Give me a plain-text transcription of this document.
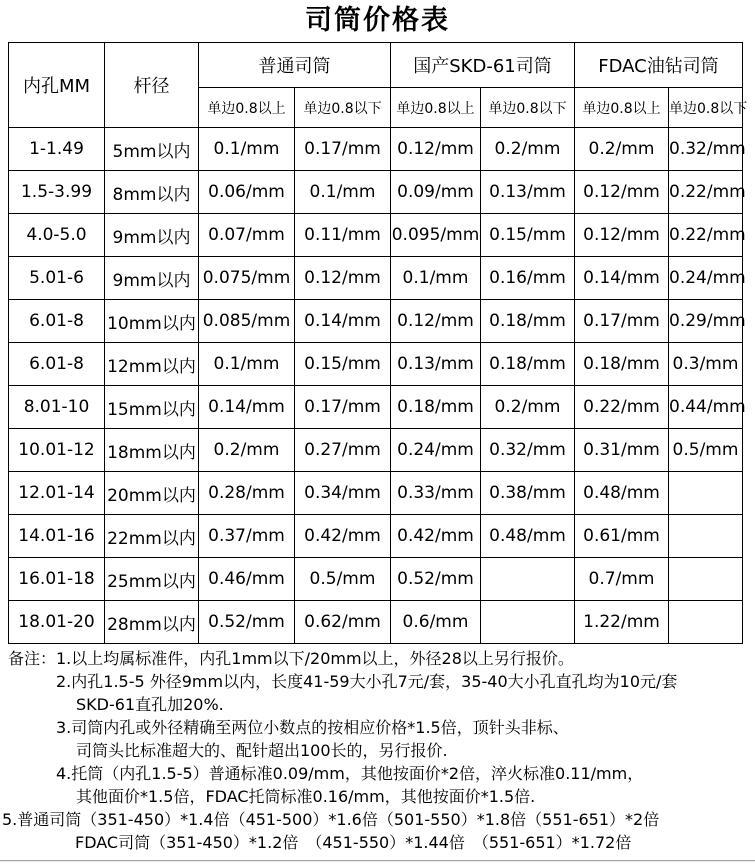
司筒价格表
内孔MM	杆径	普通司筒		国产SKD-61司筒		FDAC油钻司筒	
		单边0.8以上	单边0.8以下	单边0.8以上	单边0.8以下	单边0.8以上	单边0.8以下
1-1.49	5mm以内	0.1/mm	0.17/mm	0.12/mm	0.2/mm	0.2/mm	0.32/mm
1.5-3.99	8mm以内	0.06/mm	0.1/mm	0.09/mm	0.13/mm	0.12/mm	0.22/mm
4.0-5.0	9mm以内	0.07/mm	0.11/mm	0.095/mm	0.15/mm	0.12/mm	0.22/mm
5.01-6	9mm以内	0.075/mm	0.12/mm	0.1/mm	0.16/mm	0.14/mm	0.24/mm
6.01-8	10mm以内	0.085/mm	0.14/mm	0.12/mm	0.18/mm	0.17/mm	0.29/mm
6.01-8	12mm以内	0.1/mm	0.15/mm	0.13/mm	0.18/mm	0.18/mm	0.3/mm
8.01-10	15mm以内	0.14/mm	0.17/mm	0.18/mm	0.2/mm	0.22/mm	0.44/mm
10.01-12	18mm以内	0.2/mm	0.27/mm	0.24/mm	0.32/mm	0.31/mm	0.5/mm
12.01-14	20mm以内	0.28/mm	0.34/mm	0.33/mm	0.38/mm	0.48/mm	
14.01-16	22mm以内	0.37/mm	0.42/mm	0.42/mm	0.48/mm	0.61/mm	
16.01-18	25mm以内	0.46/mm	0.5/mm	0.52/mm		0.7/mm	
18.01-20	28mm以内	0.52/mm	0.62/mm	0.6/mm		1.22/mm	
备注：1.以上均属标准件，内孔1mm以下/20mm以上，外径28以上另行报价。
2.内孔1.5-5 外径9mm以内，长度41-59大小孔7元/套，35-40大小孔直孔均为10元/套
SKD-61直孔加20%.
3.司筒内孔或外径精确至两位小数点的按相应价格*1.5倍，顶针头非标、
司筒头比标准超大的、配针超出100长的，另行报价.
4.托筒（内孔1.5-5）普通标准0.09/mm，其他按面价*2倍，淬火标准0.11/mm，
其他面价*1.5倍，FDAC托筒标准0.16/mm，其他按面价*1.5倍.
5.普通司筒（351-450）*1.4倍（451-500）*1.6倍（501-550）*1.8倍（551-651）*2倍
FDAC司筒（351-450）*1.2倍　（451-550）*1.44倍　（551-651）*1.72倍
